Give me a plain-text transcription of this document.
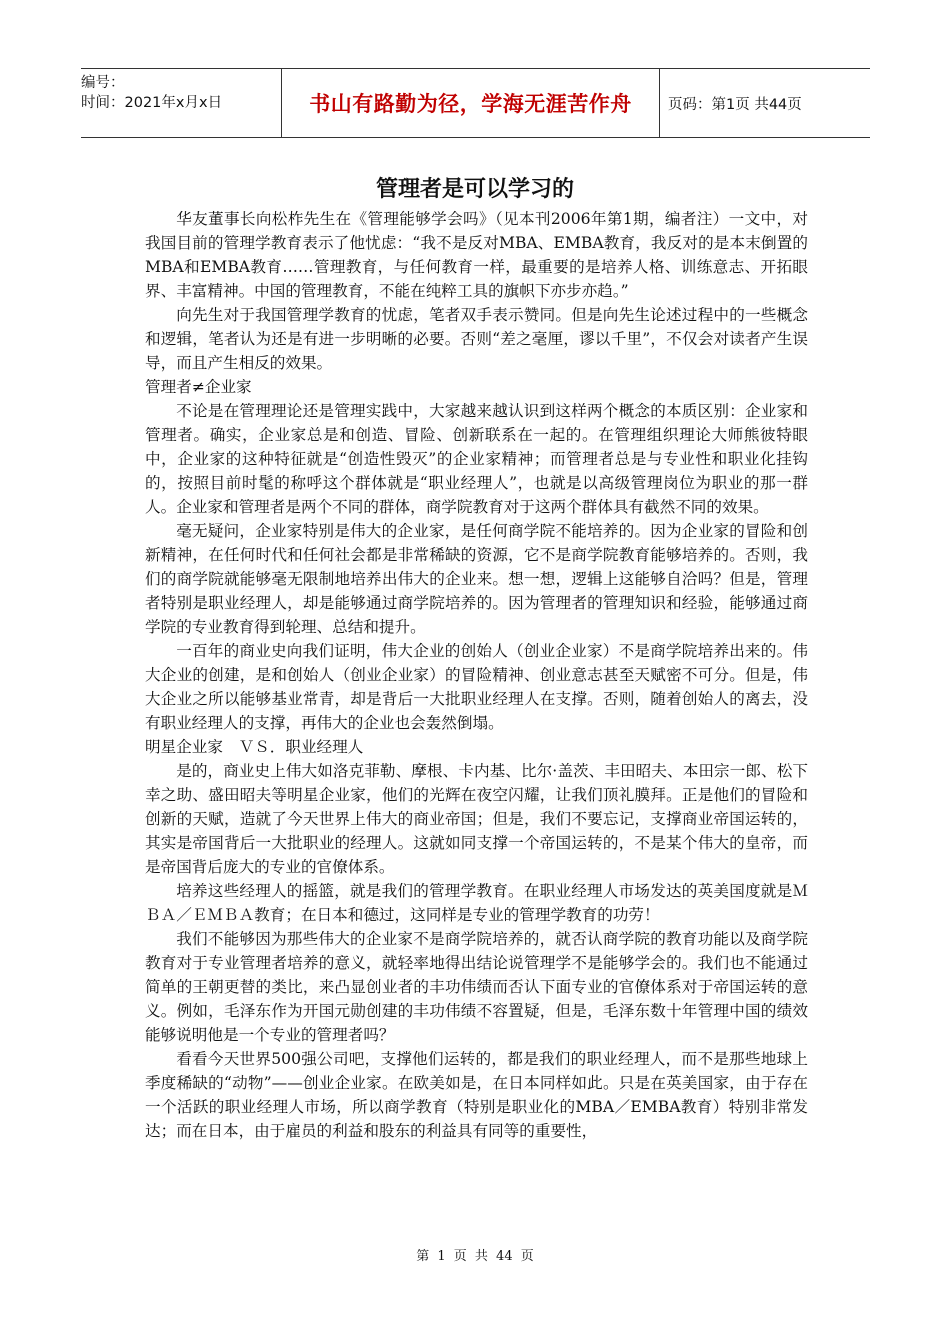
编号：
时间：2021年x月x日	书山有路勤为径，学海无涯苦作舟	页码：第1页 共44页
管理者是可以学习的

华友董事长向松柞先生在《管理能够学会吗》（见本刊2006年第1期，编者注）一文中，对我国目前的管理学教育表示了他忧虑：“我不是反对MBA、EMBA教育，我反对的是本末倒置的MBA和EMBA教育……管理教育，与任何教育一样，最重要的是培养人格、训练意志、开拓眼界、丰富精神。中国的管理教育，不能在纯粹工具的旗帜下亦步亦趋。”

向先生对于我国管理学教育的忧虑，笔者双手表示赞同。但是向先生论述过程中的一些概念和逻辑，笔者认为还是有进一步明晰的必要。否则“差之毫厘，谬以千里”，不仅会对读者产生误导，而且产生相反的效果。

管理者≠企业家

不论是在管理理论还是管理实践中，大家越来越认识到这样两个概念的本质区别：企业家和管理者。确实，企业家总是和创造、冒险、创新联系在一起的。在管理组织理论大师熊彼特眼中，企业家的这种特征就是“创造性毁灭”的企业家精神；而管理者总是与专业性和职业化挂钩的，按照目前时髦的称呼这个群体就是“职业经理人”，也就是以高级管理岗位为职业的那一群人。企业家和管理者是两个不同的群体，商学院教育对于这两个群体具有截然不同的效果。

毫无疑问，企业家特别是伟大的企业家，是任何商学院不能培养的。因为企业家的冒险和创新精神，在任何时代和任何社会都是非常稀缺的资源，它不是商学院教育能够培养的。否则，我们的商学院就能够毫无限制地培养出伟大的企业来。想一想，逻辑上这能够自洽吗？但是，管理者特别是职业经理人，却是能够通过商学院培养的。因为管理者的管理知识和经验，能够通过商学院的专业教育得到轮理、总结和提升。

一百年的商业史向我们证明，伟大企业的创始人（创业企业家）不是商学院培养出来的。伟大企业的创建，是和创始人（创业企业家）的冒险精神、创业意志甚至天赋密不可分。但是，伟大企业之所以能够基业常青，却是背后一大批职业经理人在支撑。否则，随着创始人的离去，没有职业经理人的支撑，再伟大的企业也会轰然倒塌。

明星企业家　ＶＳ．职业经理人

是的，商业史上伟大如洛克菲勒、摩根、卡内基、比尔·盖茨、丰田昭夫、本田宗一郎、松下幸之助、盛田昭夫等明星企业家，他们的光辉在夜空闪耀，让我们顶礼膜拜。正是他们的冒险和创新的天赋，造就了今天世界上伟大的商业帝国；但是，我们不要忘记，支撑商业帝国运转的，其实是帝国背后一大批职业的经理人。这就如同支撑一个帝国运转的，不是某个伟大的皇帝，而是帝国背后庞大的专业的官僚体系。

培养这些经理人的摇篮，就是我们的管理学教育。在职业经理人市场发达的英美国度就是ＭＢＡ／ＥＭＢＡ教育；在日本和德过，这同样是专业的管理学教育的功劳！

我们不能够因为那些伟大的企业家不是商学院培养的，就否认商学院的教育功能以及商学院教育对于专业管理者培养的意义，就轻率地得出结论说管理学不是能够学会的。我们也不能通过简单的王朝更替的类比，来凸显创业者的丰功伟绩而否认下面专业的官僚体系对于帝国运转的意义。例如，毛泽东作为开国元勋创建的丰功伟绩不容置疑，但是，毛泽东数十年管理中国的绩效能够说明他是一个专业的管理者吗？

看看今天世界500强公司吧，支撑他们运转的，都是我们的职业经理人，而不是那些地球上季度稀缺的“动物”——创业企业家。在欧美如是，在日本同样如此。只是在英美国家，由于存在一个活跃的职业经理人市场，所以商学教育（特别是职业化的MBA／EMBA教育）特别非常发达；而在日本，由于雇员的利益和股东的利益具有同等的重要性，

第 1 页 共 44 页
